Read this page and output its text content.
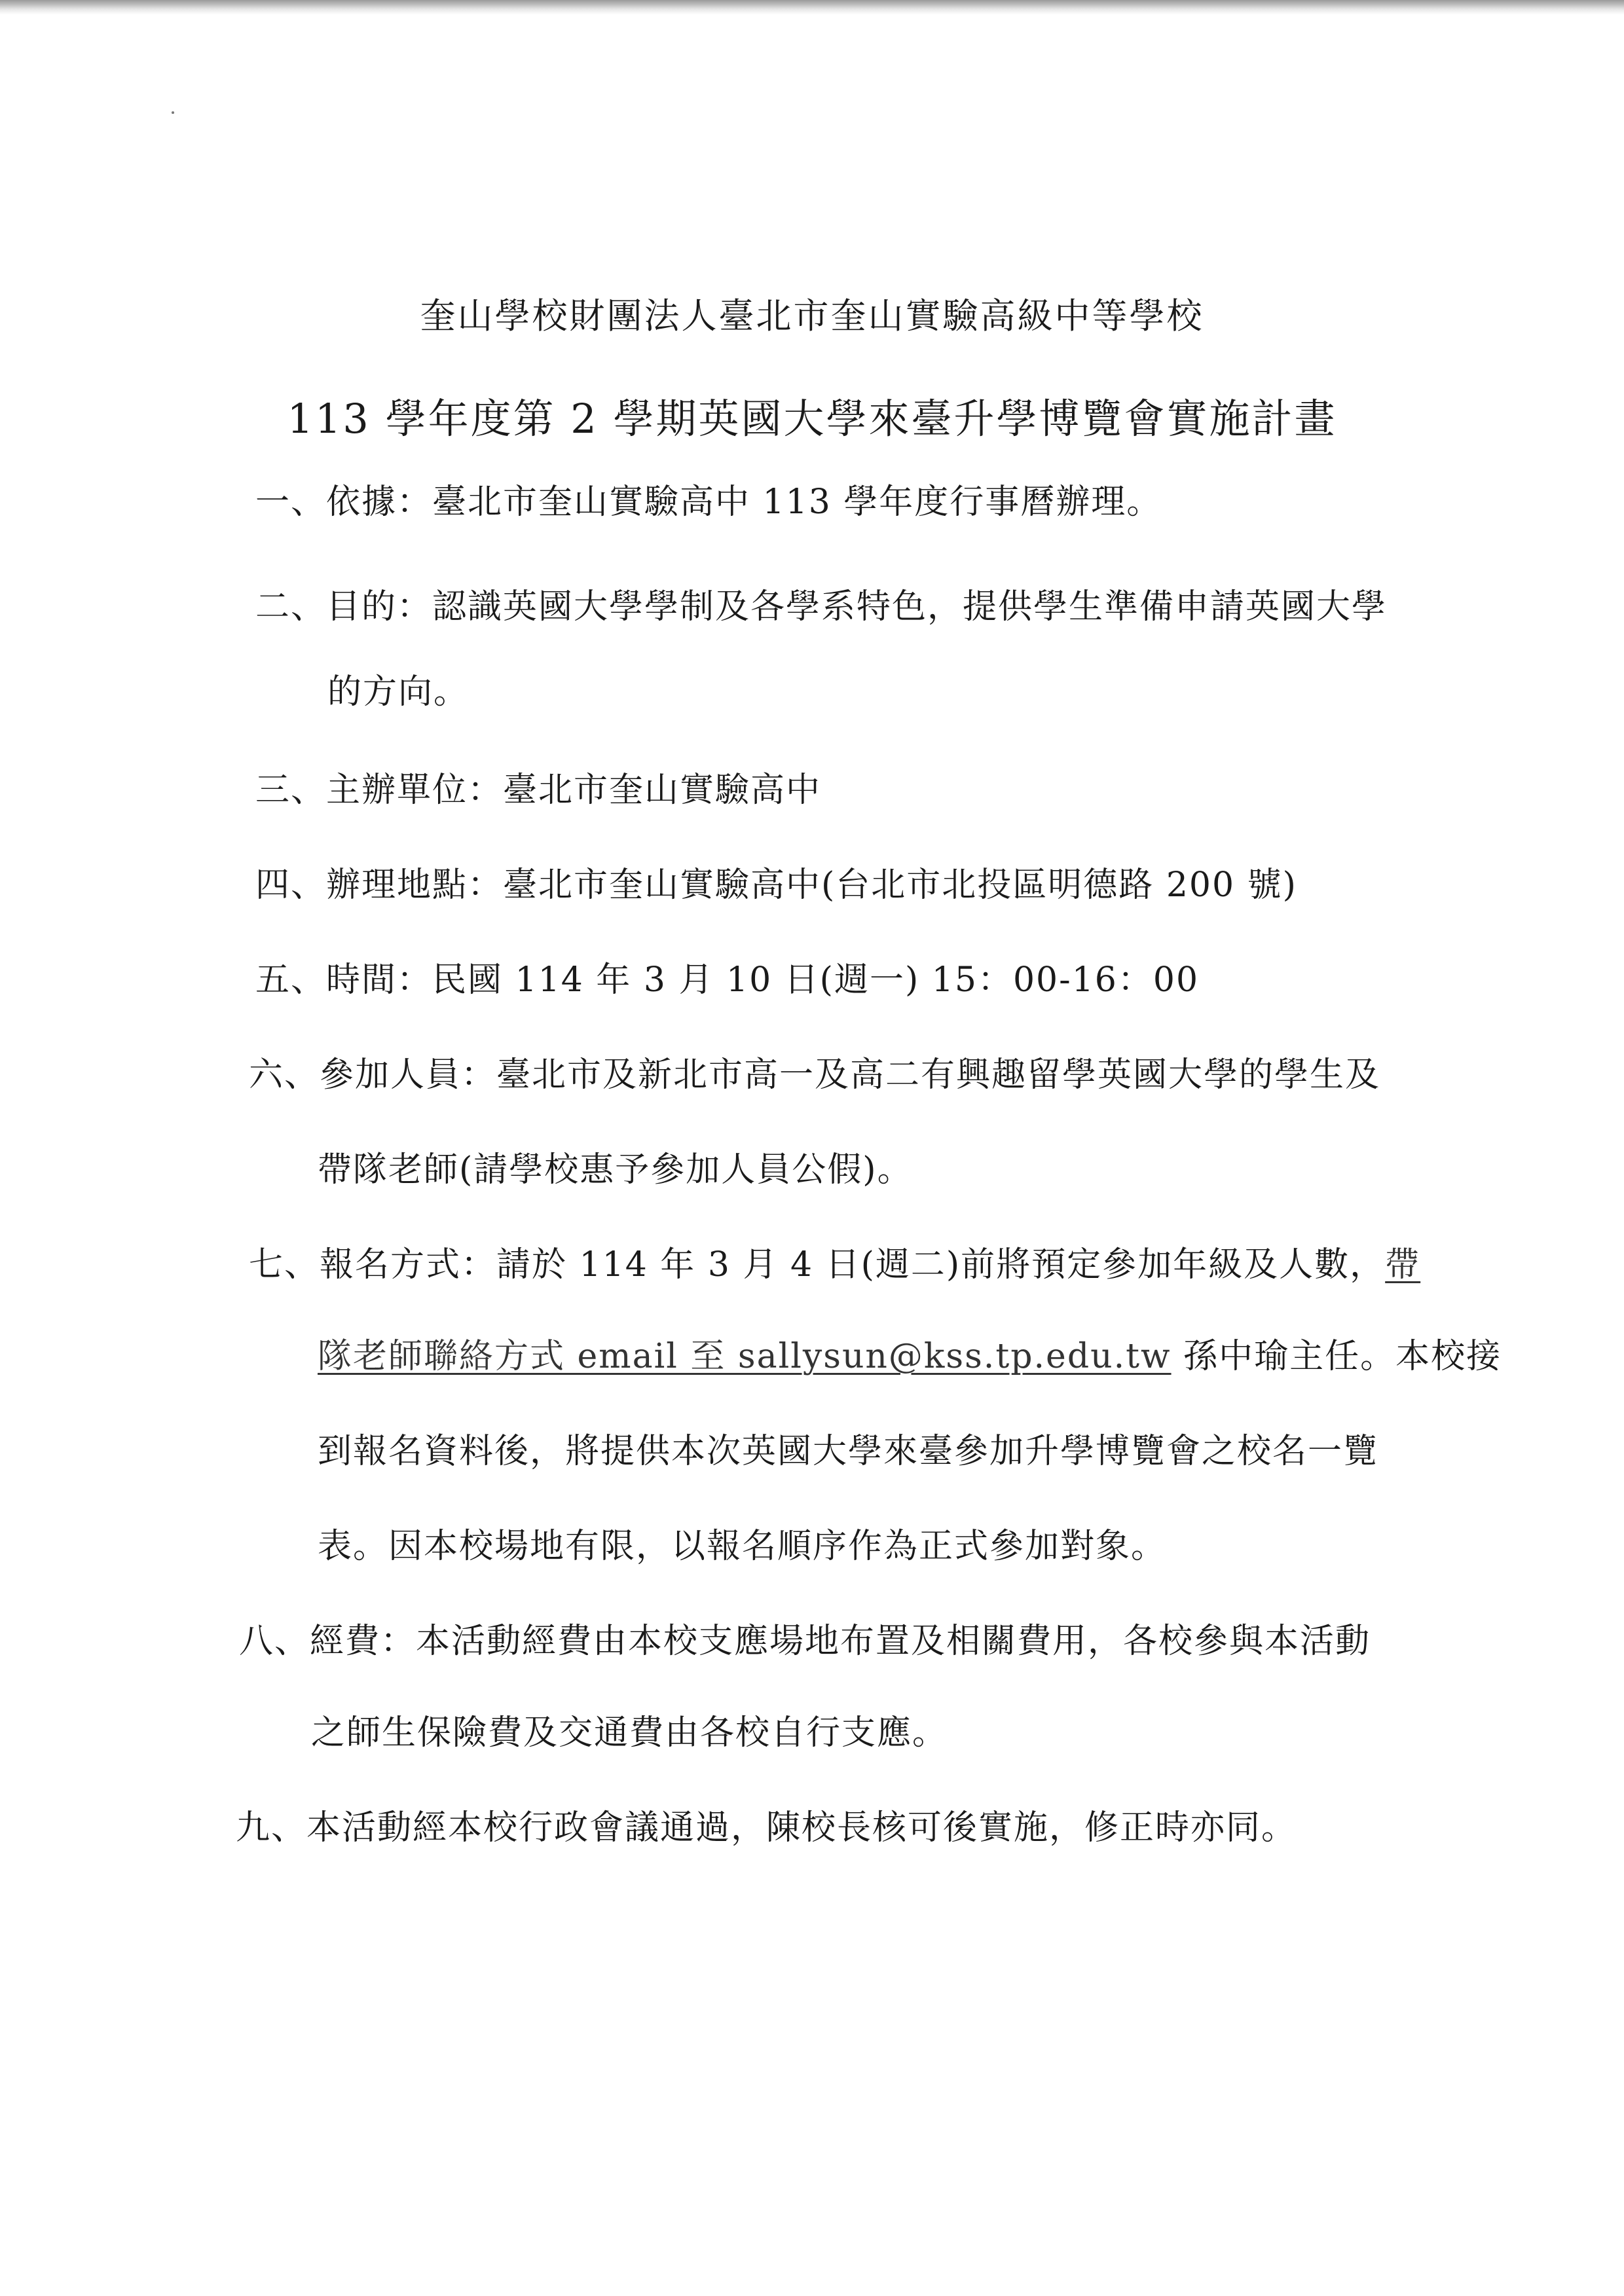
奎山學校財團法人臺北市奎山實驗高級中等學校
113 學年度第 2 學期英國大學來臺升學博覽會實施計畫
一、依據：臺北市奎山實驗高中 113 學年度行事曆辦理。
二、目的：認識英國大學學制及各學系特色，提供學生準備申請英國大學
的方向。
三、主辦單位：臺北市奎山實驗高中
四、辦理地點：臺北市奎山實驗高中(台北市北投區明德路 200 號)
五、時間：民國 114 年 3 月 10 日(週一) 15：00-16：00
六、參加人員：臺北市及新北市高一及高二有興趣留學英國大學的學生及
帶隊老師(請學校惠予參加人員公假)。
七、報名方式：請於 114 年 3 月 4 日(週二)前將預定參加年級及人數，帶
隊老師聯絡方式 email 至 sallysun@kss.tp.edu.tw 孫中瑜主任。本校接
到報名資料後，將提供本次英國大學來臺參加升學博覽會之校名一覽
表。因本校場地有限，以報名順序作為正式參加對象。
八、經費：本活動經費由本校支應場地布置及相關費用，各校參與本活動
之師生保險費及交通費由各校自行支應。
九、本活動經本校行政會議通過，陳校長核可後實施，修正時亦同。
